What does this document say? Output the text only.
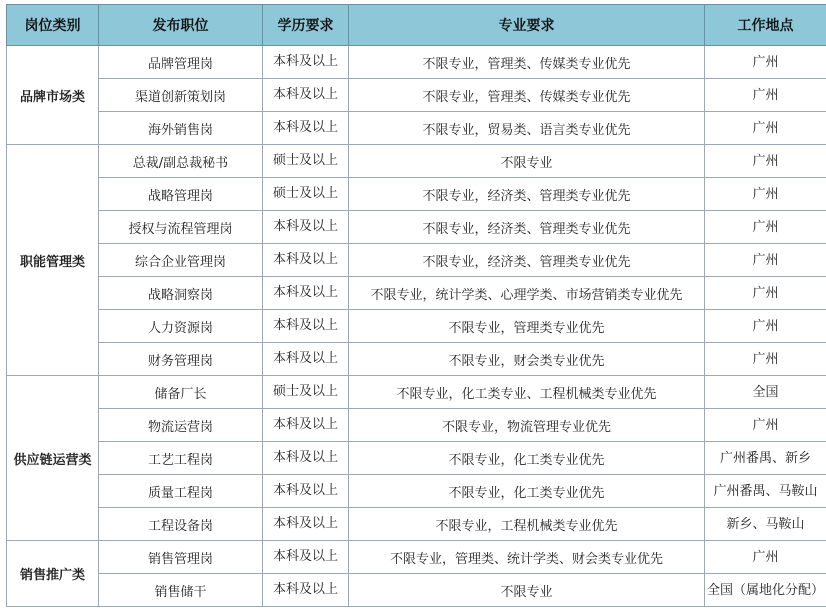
岗位类别	发布职位	学历要求	专业要求	工作地点
品牌市场类	品牌管理岗	本科及以上	不限专业，管理类、传媒类专业优先	广州
	渠道创新策划岗	本科及以上	不限专业，管理类、传媒类专业优先	广州
	海外销售岗	本科及以上	不限专业，贸易类、语言类专业优先	广州
职能管理类	总裁/副总裁秘书	硕士及以上	不限专业	广州
	战略管理岗	硕士及以上	不限专业，经济类、管理类专业优先	广州
	授权与流程管理岗	本科及以上	不限专业，经济类、管理类专业优先	广州
	综合企业管理岗	本科及以上	不限专业，经济类、管理类专业优先	广州
	战略洞察岗	本科及以上	不限专业，统计学类、心理学类、市场营销类专业优先	广州
	人力资源岗	本科及以上	不限专业，管理类专业优先	广州
	财务管理岗	本科及以上	不限专业，财会类专业优先	广州
供应链运营类	储备厂长	硕士及以上	不限专业，化工类专业、工程机械类专业优先	全国
	物流运营岗	本科及以上	不限专业，物流管理专业优先	广州
	工艺工程岗	本科及以上	不限专业，化工类专业优先	广州番禺、新乡
	质量工程岗	本科及以上	不限专业，化工类专业优先	广州番禺、马鞍山
	工程设备岗	本科及以上	不限专业，工程机械类专业优先	新乡、马鞍山
销售推广类	销售管理岗	本科及以上	不限专业，管理类、统计学类、财会类专业优先	广州
	销售储干	本科及以上	不限专业	全国（属地化分配）
